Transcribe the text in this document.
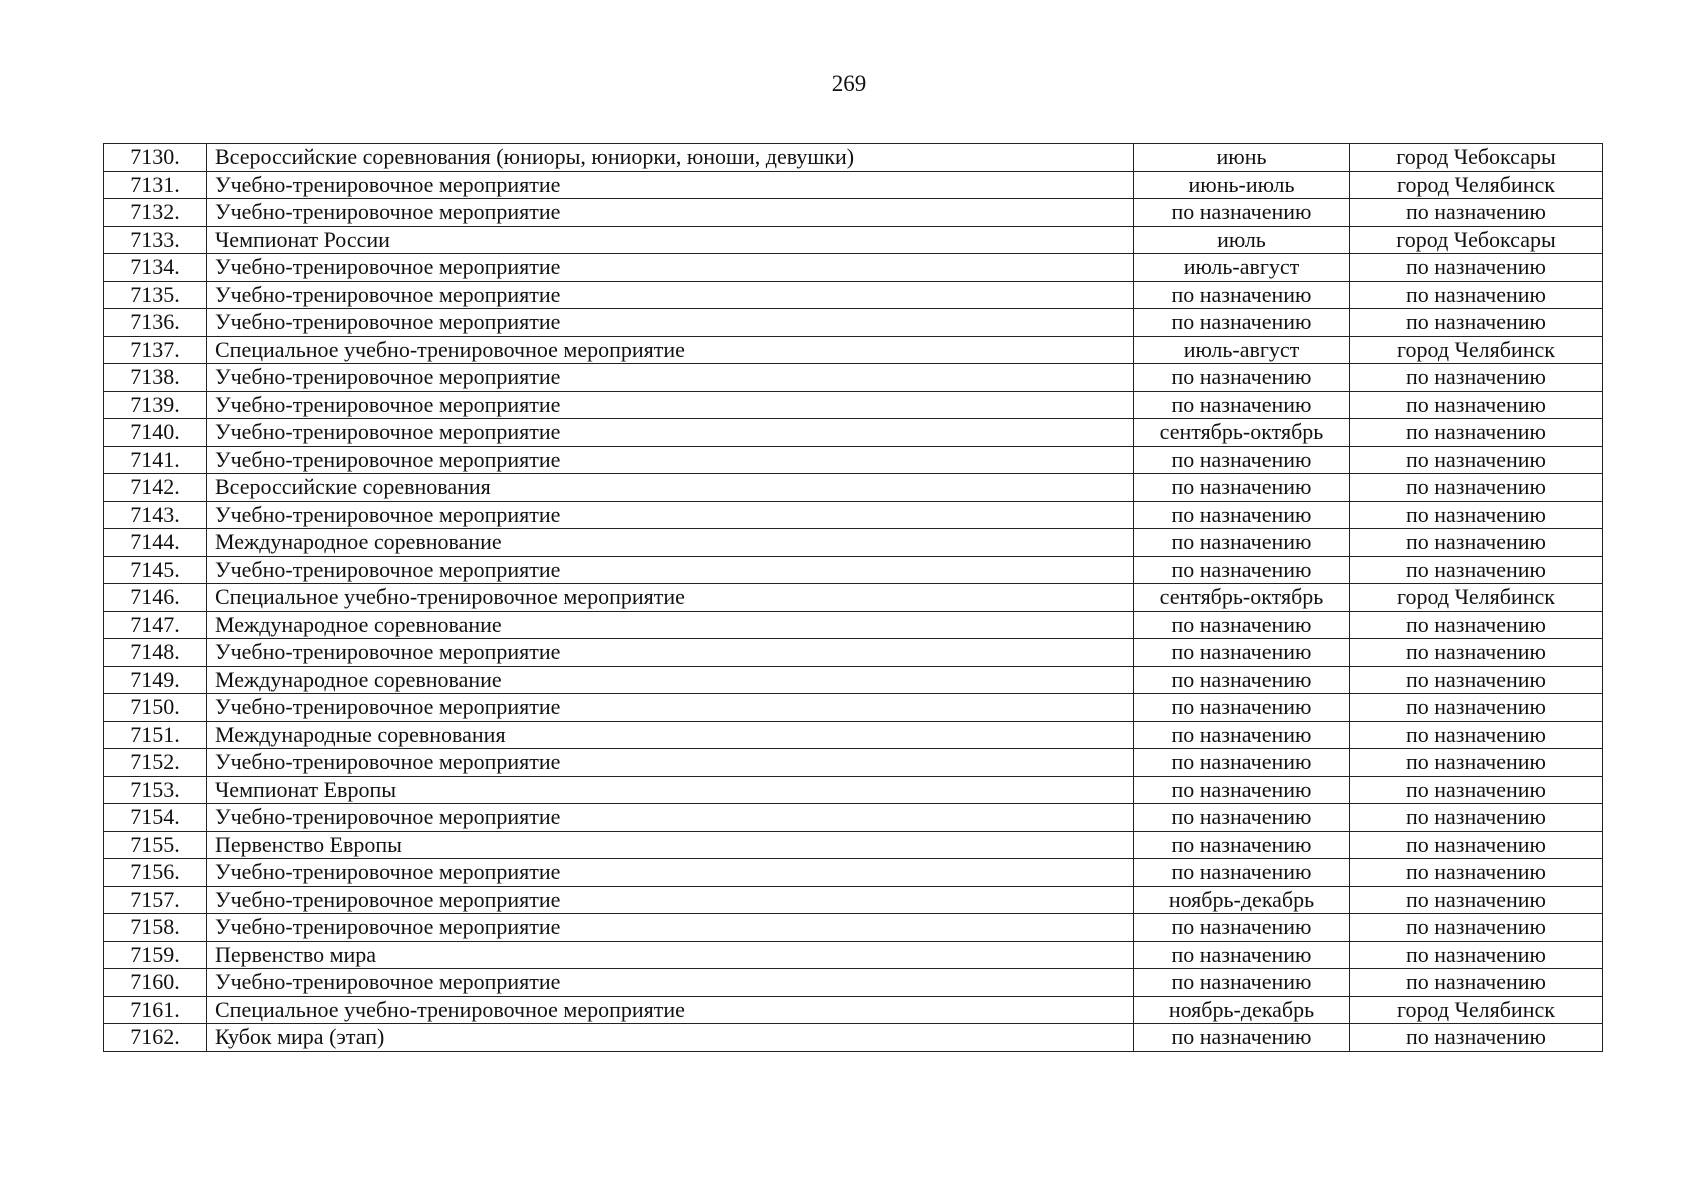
269
7130.	Всероссийские соревнования (юниоры, юниорки, юноши, девушки)	июнь	город Чебоксары
7131.	Учебно-тренировочное мероприятие	июнь-июль	город Челябинск
7132.	Учебно-тренировочное мероприятие	по назначению	по назначению
7133.	Чемпионат России	июль	город Чебоксары
7134.	Учебно-тренировочное мероприятие	июль-август	по назначению
7135.	Учебно-тренировочное мероприятие	по назначению	по назначению
7136.	Учебно-тренировочное мероприятие	по назначению	по назначению
7137.	Специальное учебно-тренировочное мероприятие	июль-август	город Челябинск
7138.	Учебно-тренировочное мероприятие	по назначению	по назначению
7139.	Учебно-тренировочное мероприятие	по назначению	по назначению
7140.	Учебно-тренировочное мероприятие	сентябрь-октябрь	по назначению
7141.	Учебно-тренировочное мероприятие	по назначению	по назначению
7142.	Всероссийские соревнования	по назначению	по назначению
7143.	Учебно-тренировочное мероприятие	по назначению	по назначению
7144.	Международное соревнование	по назначению	по назначению
7145.	Учебно-тренировочное мероприятие	по назначению	по назначению
7146.	Специальное учебно-тренировочное мероприятие	сентябрь-октябрь	город Челябинск
7147.	Международное соревнование	по назначению	по назначению
7148.	Учебно-тренировочное мероприятие	по назначению	по назначению
7149.	Международное соревнование	по назначению	по назначению
7150.	Учебно-тренировочное мероприятие	по назначению	по назначению
7151.	Международные соревнования	по назначению	по назначению
7152.	Учебно-тренировочное мероприятие	по назначению	по назначению
7153.	Чемпионат Европы	по назначению	по назначению
7154.	Учебно-тренировочное мероприятие	по назначению	по назначению
7155.	Первенство Европы	по назначению	по назначению
7156.	Учебно-тренировочное мероприятие	по назначению	по назначению
7157.	Учебно-тренировочное мероприятие	ноябрь-декабрь	по назначению
7158.	Учебно-тренировочное мероприятие	по назначению	по назначению
7159.	Первенство мира	по назначению	по назначению
7160.	Учебно-тренировочное мероприятие	по назначению	по назначению
7161.	Специальное учебно-тренировочное мероприятие	ноябрь-декабрь	город Челябинск
7162.	Кубок мира (этап)	по назначению	по назначению
